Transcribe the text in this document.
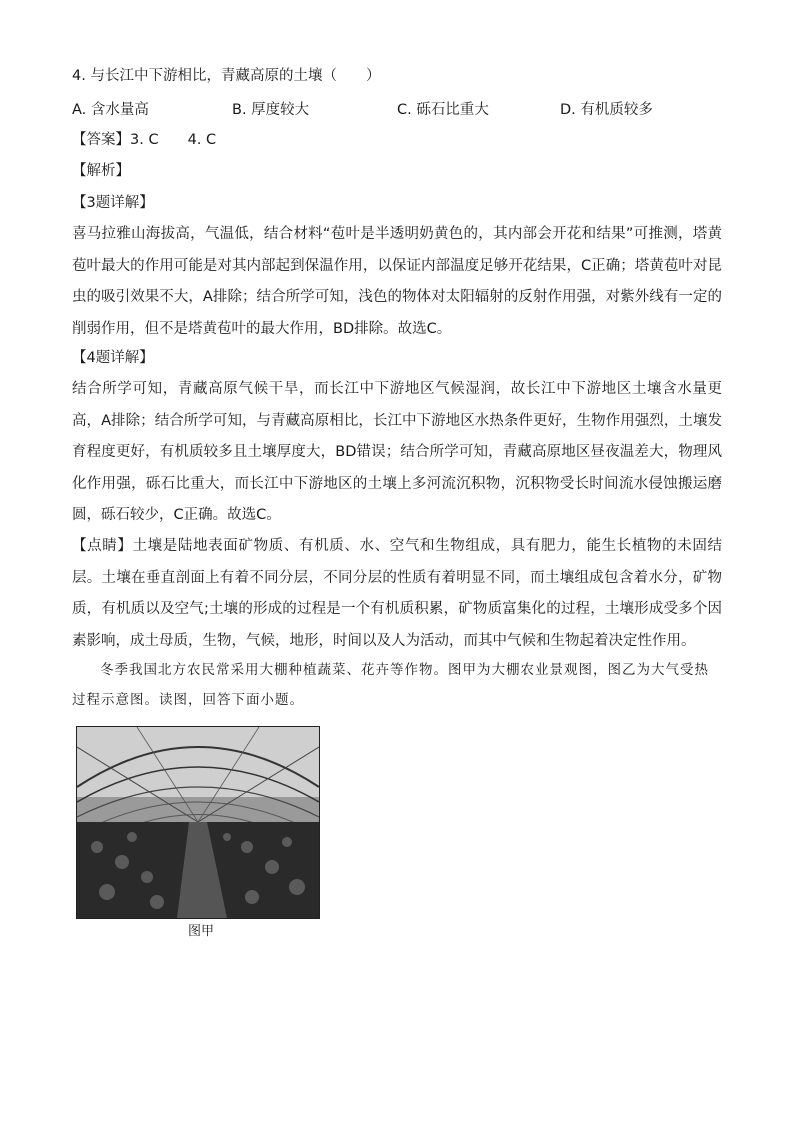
4. 与长江中下游相比，青藏高原的土壤（　　）
A. 含水量高	B. 厚度较大	C. 砾石比重大	D. 有机质较多
【答案】3. C　　4. C
【解析】
【3题详解】
喜马拉雅山海拔高，气温低，结合材料“苞叶是半透明奶黄色的，其内部会开花和结果”可推测，塔黄苞叶最大的作用可能是对其内部起到保温作用，以保证内部温度足够开花结果，C正确；塔黄苞叶对昆虫的吸引效果不大，A排除；结合所学可知，浅色的物体对太阳辐射的反射作用强，对紫外线有一定的削弱作用，但不是塔黄苞叶的最大作用，BD排除。故选C。
【4题详解】
结合所学可知，青藏高原气候干旱，而长江中下游地区气候湿润，故长江中下游地区土壤含水量更高，A排除；结合所学可知，与青藏高原相比，长江中下游地区水热条件更好，生物作用强烈，土壤发育程度更好，有机质较多且土壤厚度大，BD错误；结合所学可知，青藏高原地区昼夜温差大，物理风化作用强，砾石比重大，而长江中下游地区的土壤上多河流沉积物，沉积物受长时间流水侵蚀搬运磨圆，砾石较少，C正确。故选C。
【点睛】土壤是陆地表面矿物质、有机质、水、空气和生物组成，具有肥力，能生长植物的未固结层。土壤在垂直剖面上有着不同分层，不同分层的性质有着明显不同，而土壤组成包含着水分，矿物质，有机质以及空气;土壤的形成的过程是一个有机质积累，矿物质富集化的过程，土壤形成受多个因素影响，成土母质，生物，气候，地形，时间以及人为活动，而其中气候和生物起着决定性作用。
冬季我国北方农民常采用大棚种植蔬菜、花卉等作物。图甲为大棚农业景观图，图乙为大气受热过程示意图。读图，回答下面小题。
图甲
